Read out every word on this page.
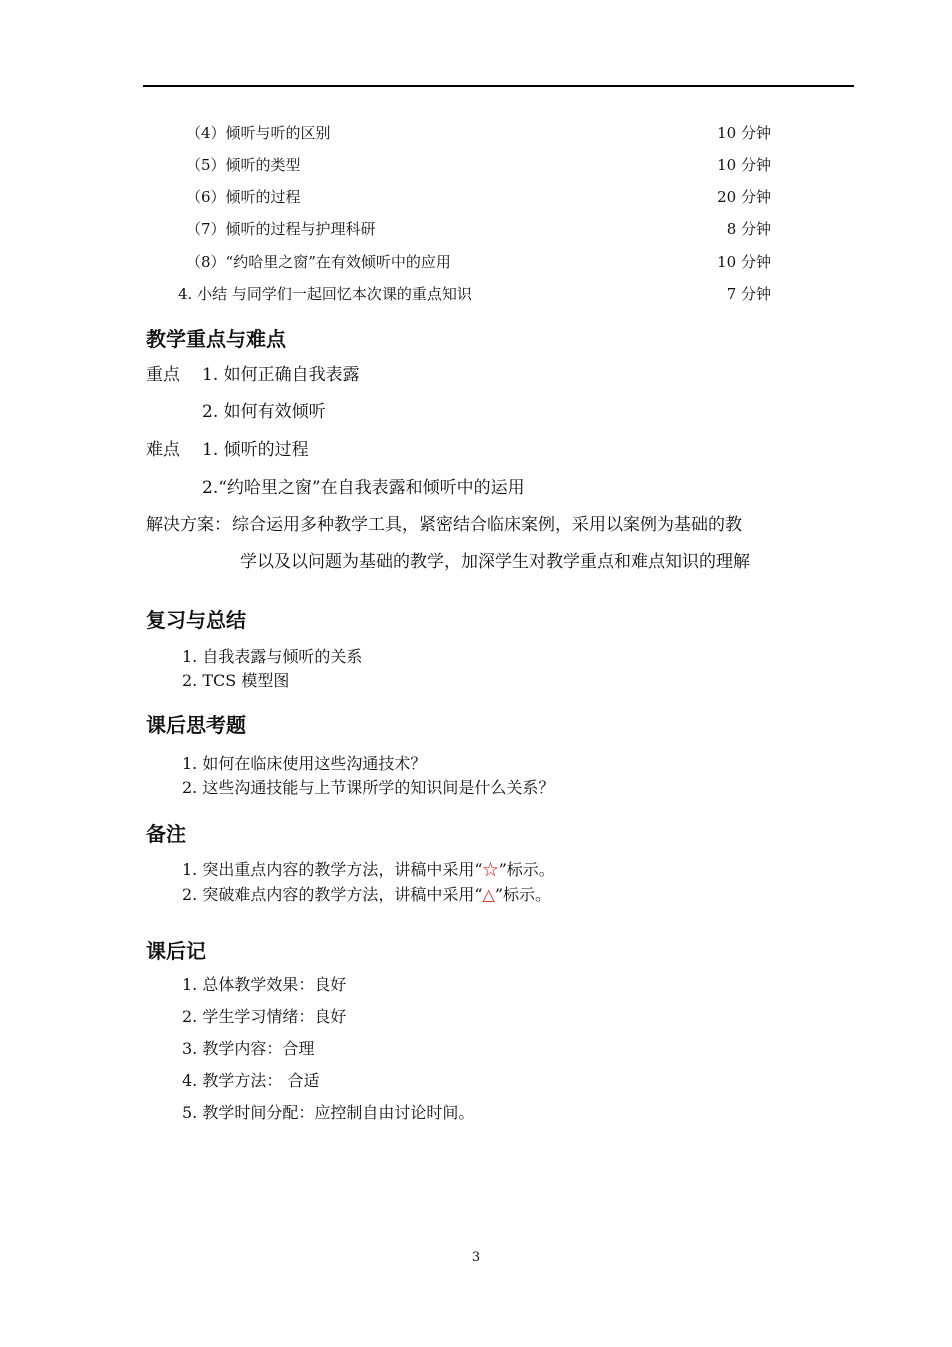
（4）倾听与听的区别	10 分钟
（5）倾听的类型	10 分钟
（6）倾听的过程	20 分钟
（7）倾听的过程与护理科研	8 分钟
（8）“约哈里之窗”在有效倾听中的应用	10 分钟
4. 小结 与同学们一起回忆本次课的重点知识	7 分钟
教学重点与难点
重点 1. 如何正确自我表露
2. 如何有效倾听
难点 1. 倾听的过程
2.“约哈里之窗”在自我表露和倾听中的运用
解决方案： 综合运用多种教学工具，紧密结合临床案例，采用以案例为基础的教
学以及以问题为基础的教学，加深学生对教学重点和难点知识的理解
复习与总结
1. 自我表露与倾听的关系
2. TCS 模型图
课后思考题
1. 如何在临床使用这些沟通技术？
2. 这些沟通技能与上节课所学的知识间是什么关系？
备注
1. 突出重点内容的教学方法，讲稿中采用“☆”标示。
2. 突破难点内容的教学方法，讲稿中采用“△”标示。
课后记
1. 总体教学效果：良好
2. 学生学习情绪：良好
3. 教学内容：合理
4. 教学方法： 合适
5. 教学时间分配：应控制自由讨论时间。
3
